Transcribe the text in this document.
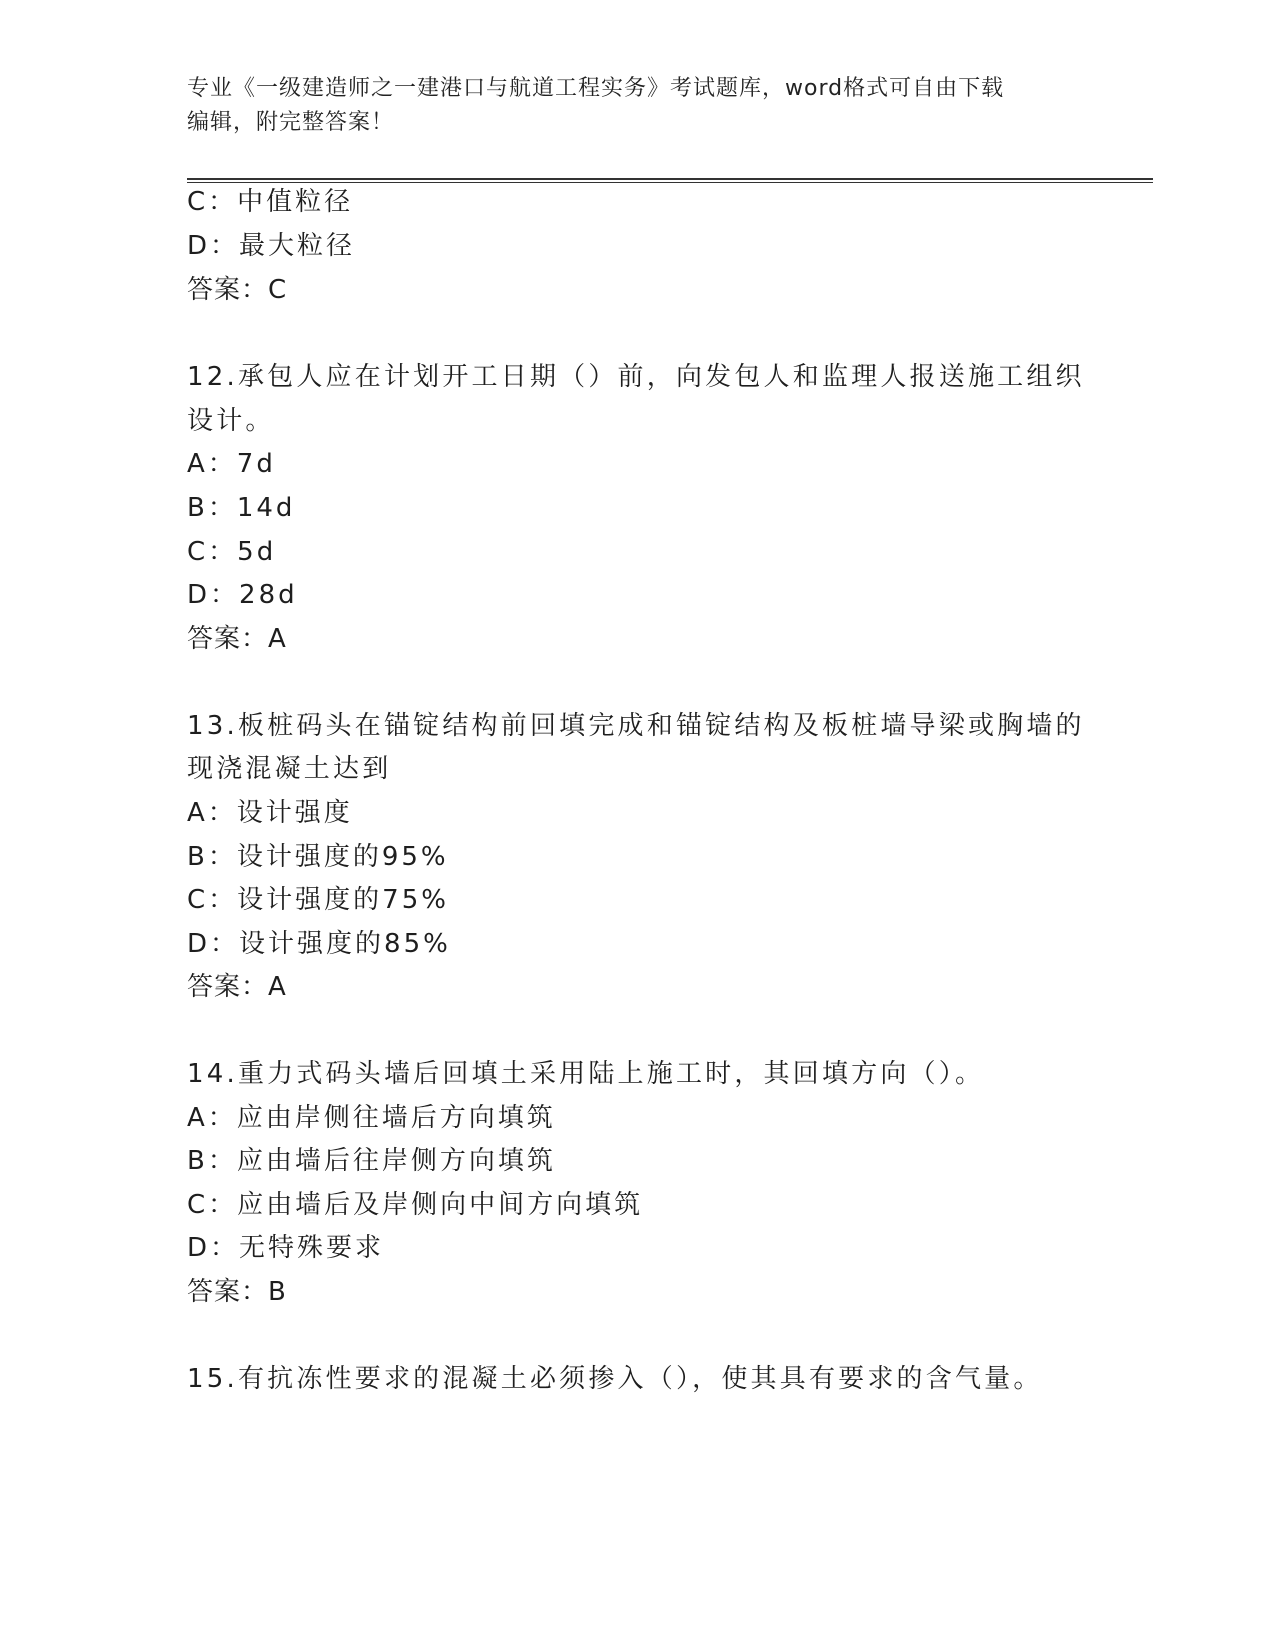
专业《一级建造师之一建港口与航道工程实务》考试题库，word格式可自由下载
编辑，附完整答案！
C：中值粒径
D：最大粒径
答案：C
12.承包人应在计划开工日期（）前，向发包人和监理人报送施工组织
设计。
A：7d
B：14d
C：5d
D：28d
答案：A
13.板桩码头在锚锭结构前回填完成和锚锭结构及板桩墙导梁或胸墙的
现浇混凝土达到
A：设计强度
B：设计强度的95%
C：设计强度的75%
D：设计强度的85%
答案：A
14.重力式码头墙后回填土采用陆上施工时，其回填方向（）。
A：应由岸侧往墙后方向填筑
B：应由墙后往岸侧方向填筑
C：应由墙后及岸侧向中间方向填筑
D：无特殊要求
答案：B
15.有抗冻性要求的混凝土必须掺入（），使其具有要求的含气量。
